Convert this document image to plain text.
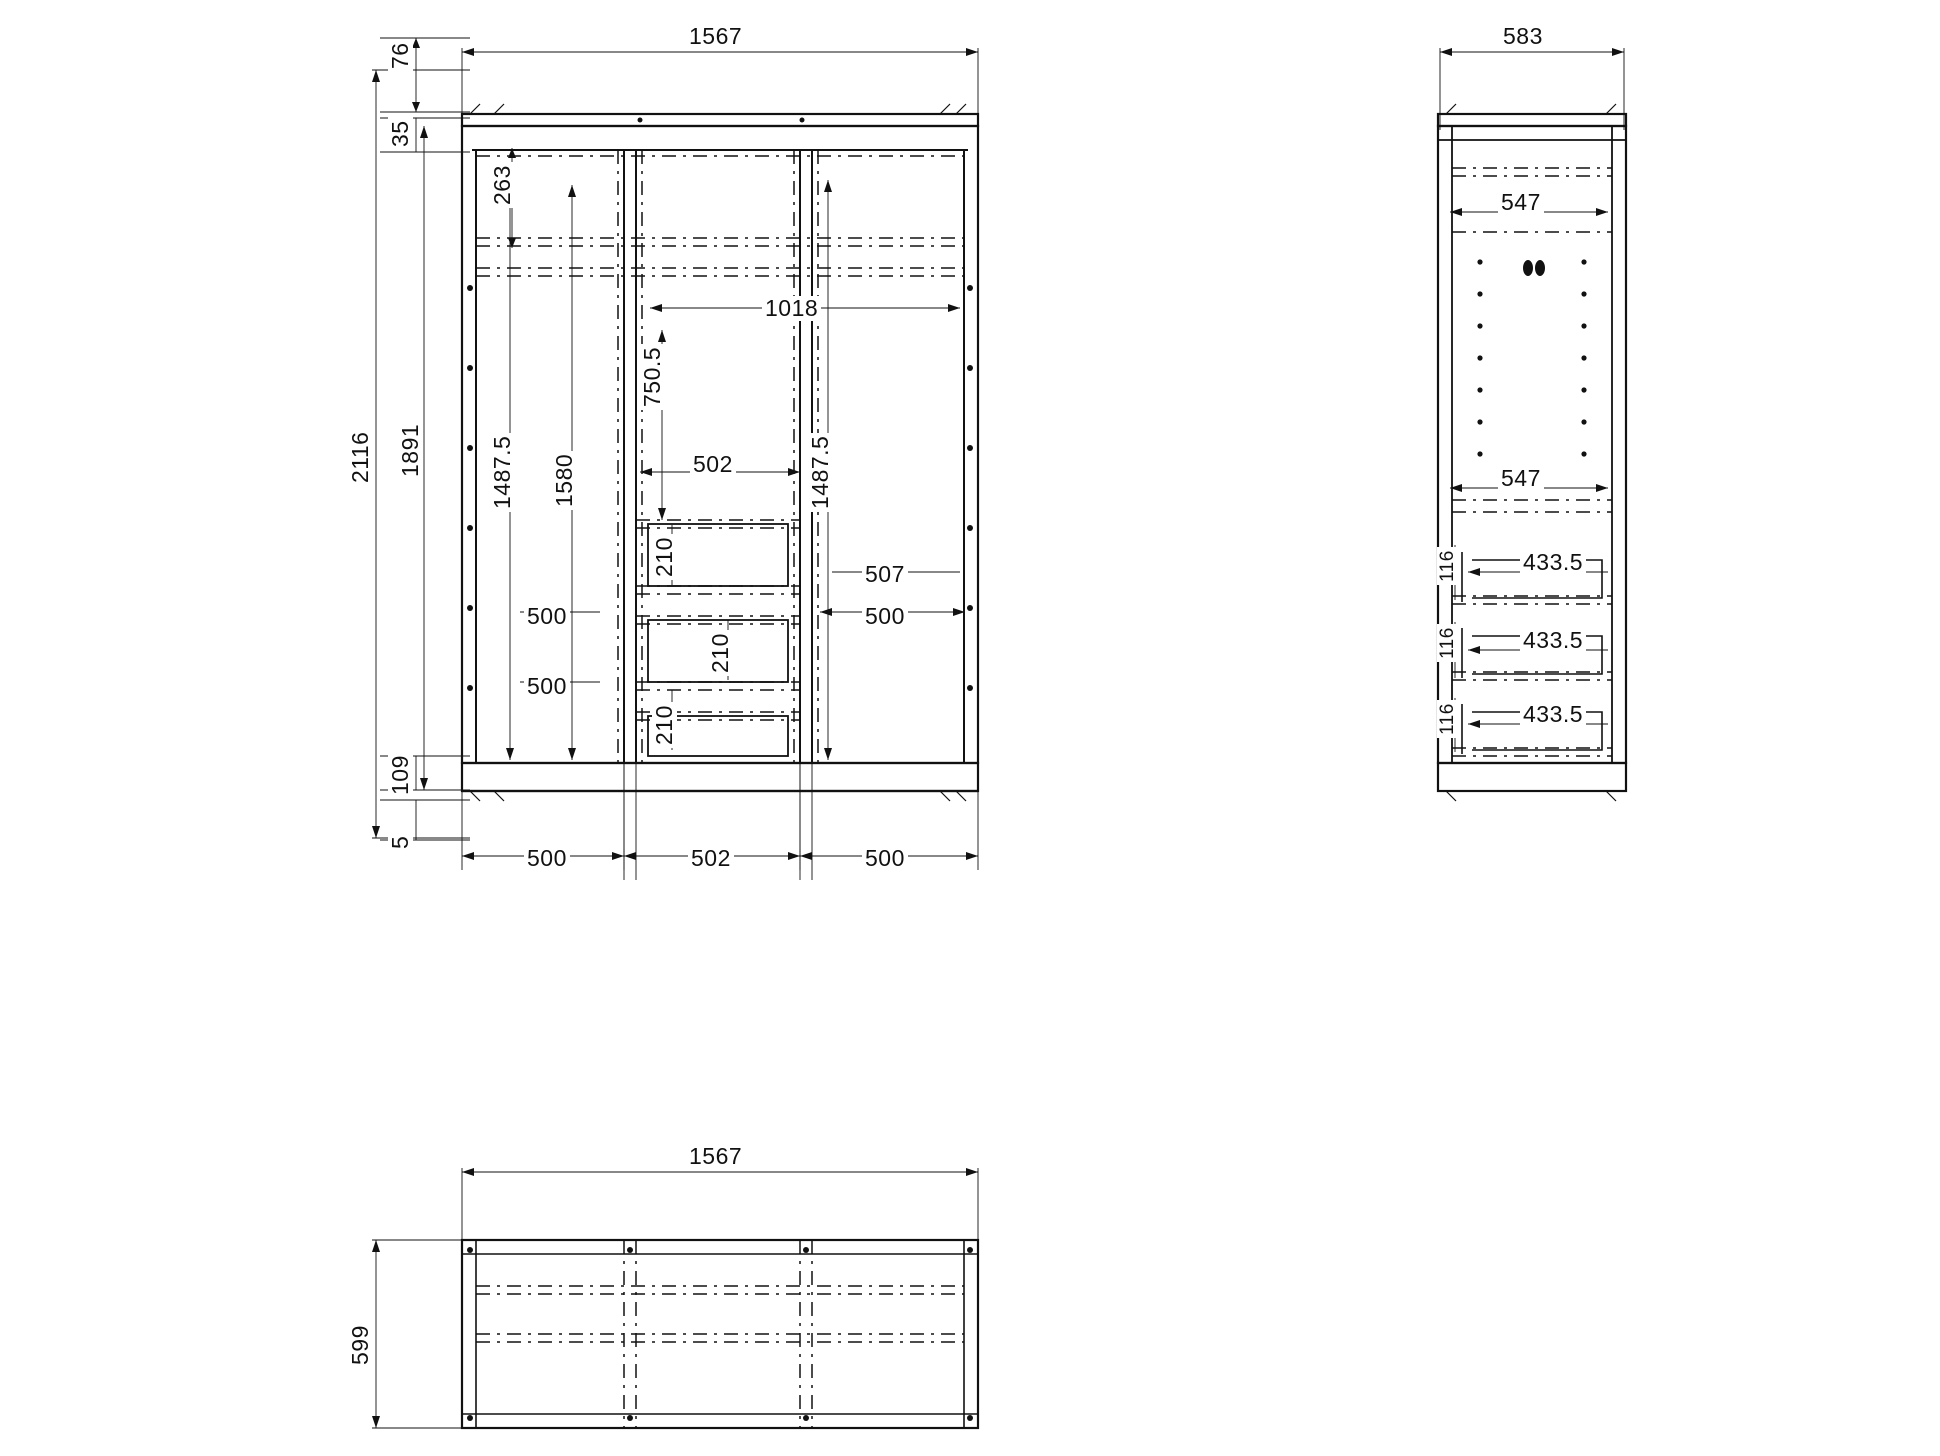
1567
76
35
2116 1891
263
1018
750.5
502
1487.5	1487.5
1580
210
210
210
507
500
500
500
500	502	500
109
5
583
547
547
433.5
433.5
433.5
116
116
116
1567
599
